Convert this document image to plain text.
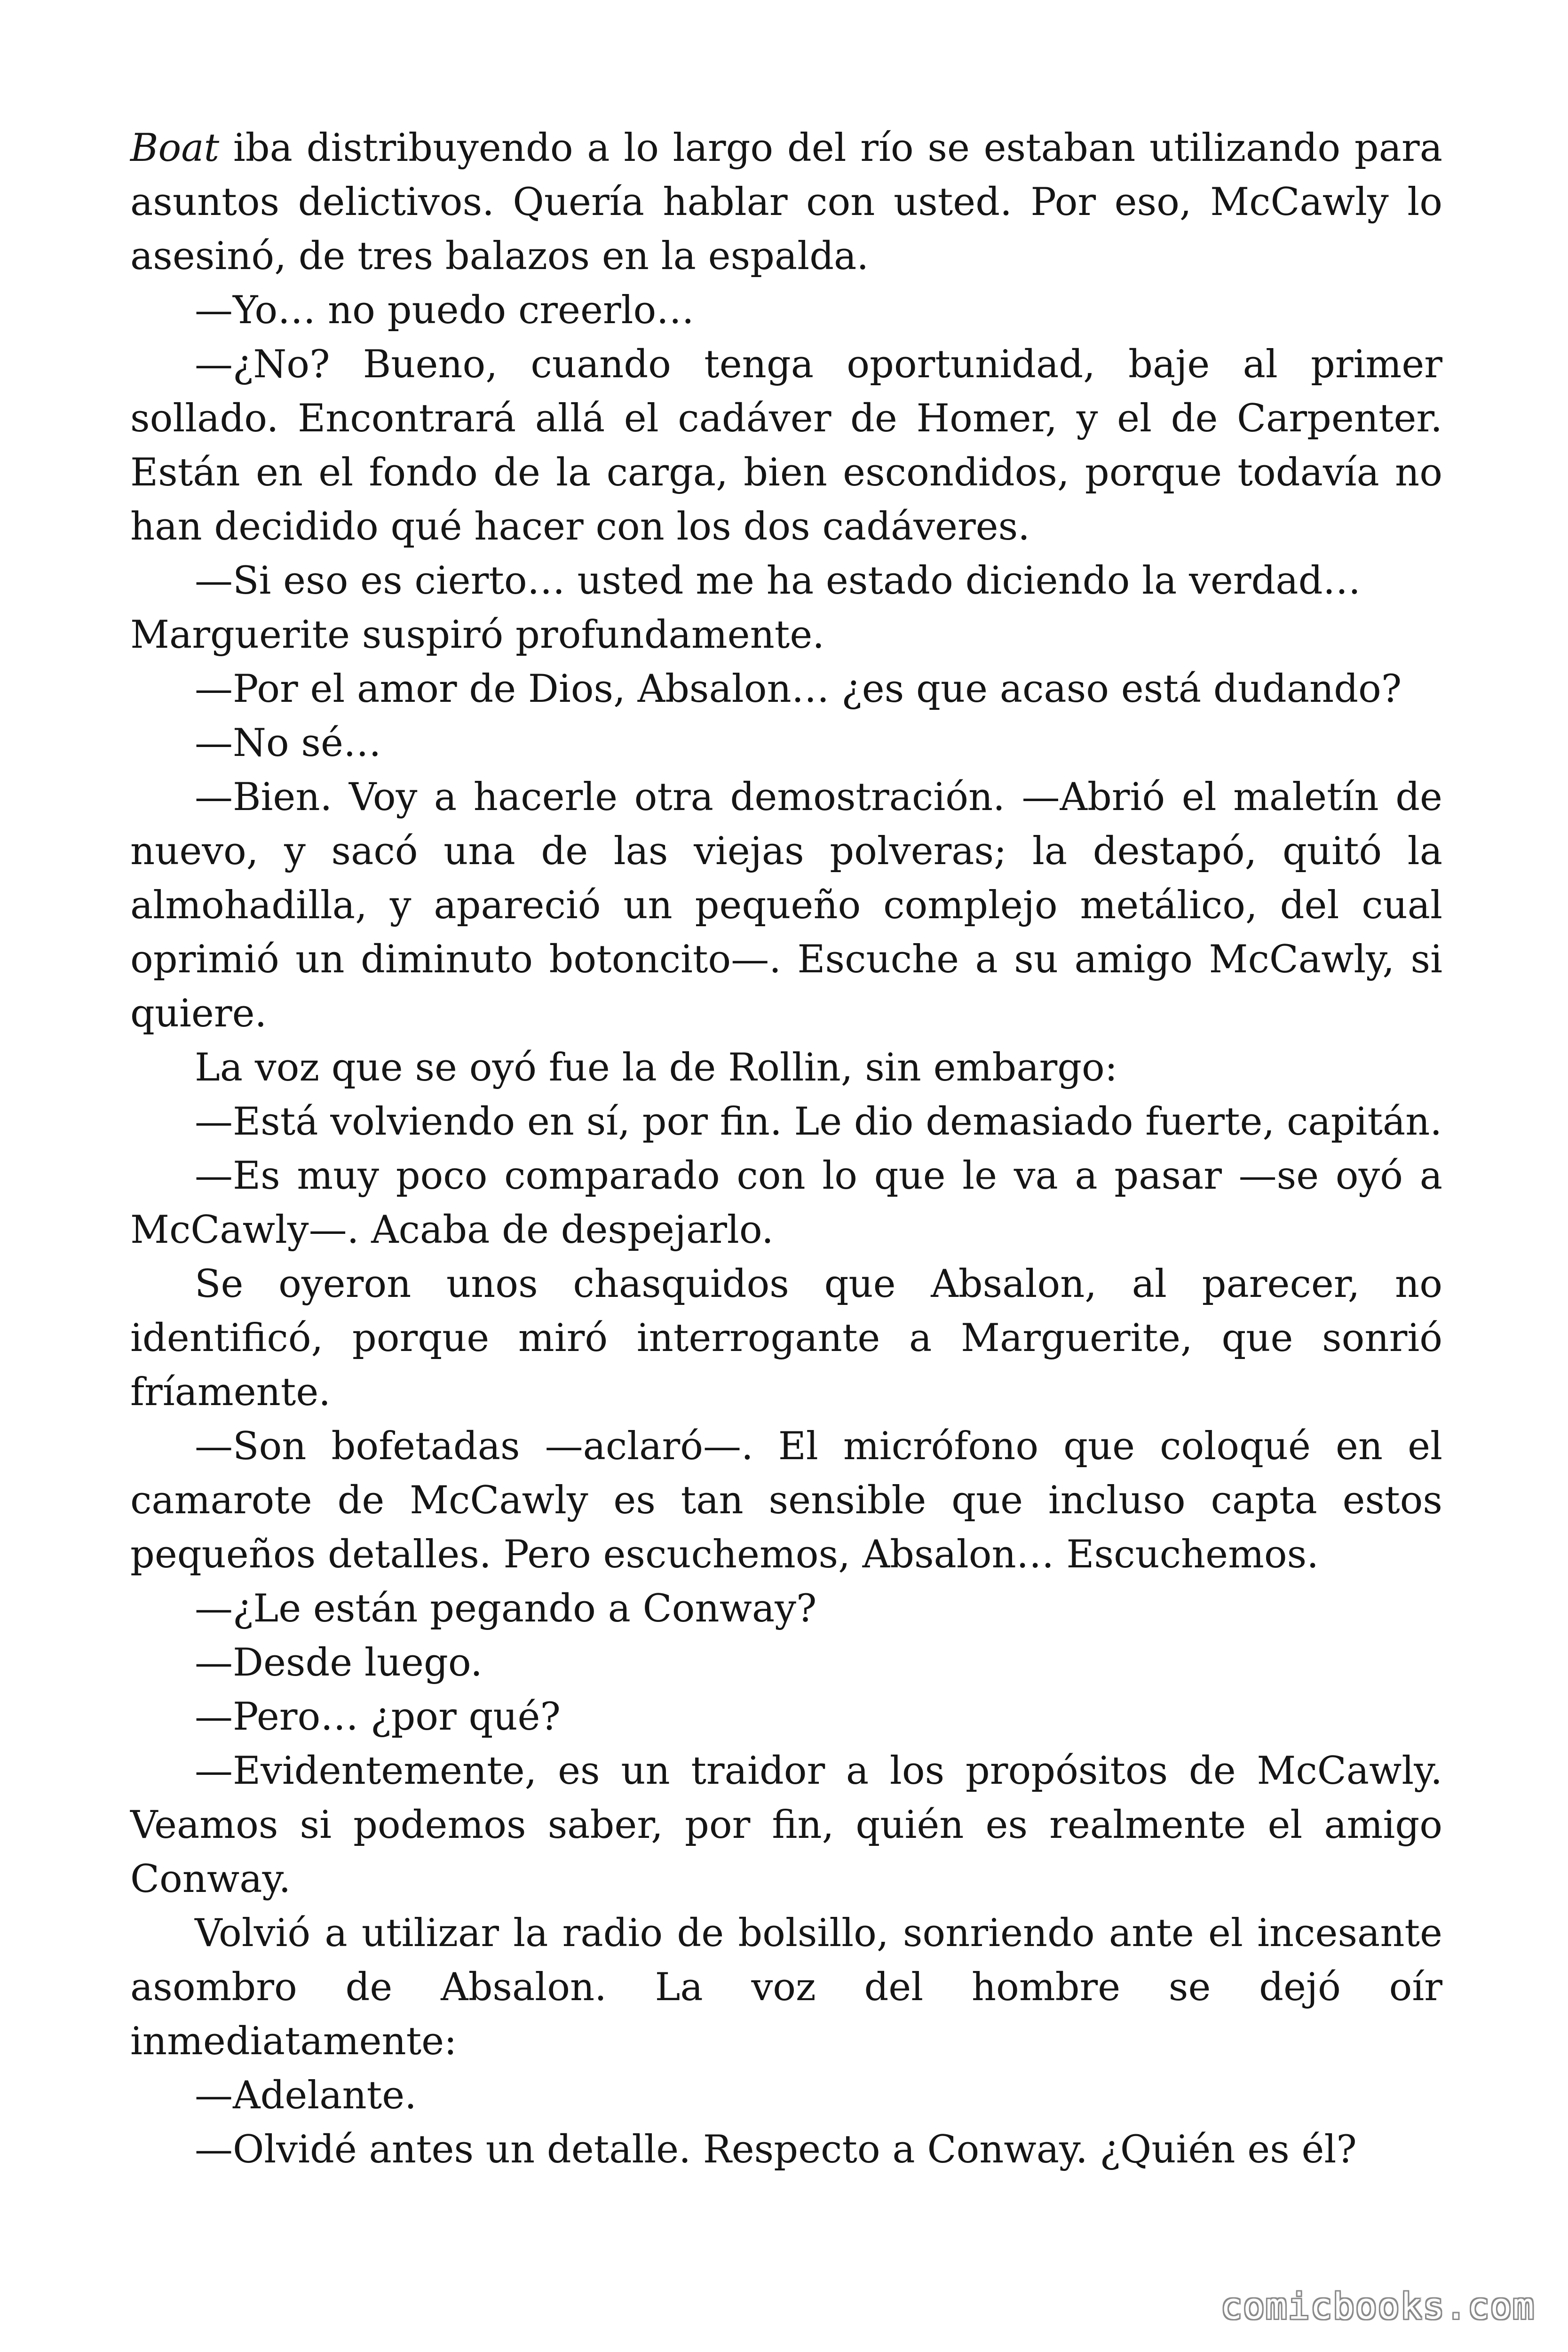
Boat iba distribuyendo a lo largo del río se estaban utilizando para asuntos delictivos. Quería hablar con usted. Por eso, McCawly lo asesinó, de tres balazos en la espalda.

—Yo… no puedo creerlo…

—¿No? Bueno, cuando tenga oportunidad, baje al primer sollado. Encontrará allá el cadáver de Homer, y el de Carpenter. Están en el fondo de la carga, bien escondidos, porque todavía no han decidido qué hacer con los dos cadáveres.

—Si eso es cierto… usted me ha estado diciendo la verdad…

Marguerite suspiró profundamente.

—Por el amor de Dios, Absalon… ¿es que acaso está dudando?

—No sé…

—Bien. Voy a hacerle otra demostración. —Abrió el maletín de nuevo, y sacó una de las viejas polveras; la destapó, quitó la almohadilla, y apareció un pequeño complejo metálico, del cual oprimió un diminuto botoncito—. Escuche a su amigo McCawly, si quiere.

La voz que se oyó fue la de Rollin, sin embargo:

—Está volviendo en sí, por fin. Le dio demasiado fuerte, capitán.

—Es muy poco comparado con lo que le va a pasar —se oyó a McCawly—. Acaba de despejarlo.

Se oyeron unos chasquidos que Absalon, al parecer, no identificó, porque miró interrogante a Marguerite, que sonrió fríamente.

—Son bofetadas —aclaró—. El micrófono que coloqué en el camarote de McCawly es tan sensible que incluso capta estos pequeños detalles. Pero escuchemos, Absalon… Escuchemos.

—¿Le están pegando a Conway?

—Desde luego.

—Pero… ¿por qué?

—Evidentemente, es un traidor a los propósitos de McCawly. Veamos si podemos saber, por fin, quién es realmente el amigo Conway.

Volvió a utilizar la radio de bolsillo, sonriendo ante el incesante asombro de Absalon. La voz del hombre se dejó oír inmediatamente:

—Adelante.

—Olvidé antes un detalle. Respecto a Conway. ¿Quién es él?

comicbooks.com
